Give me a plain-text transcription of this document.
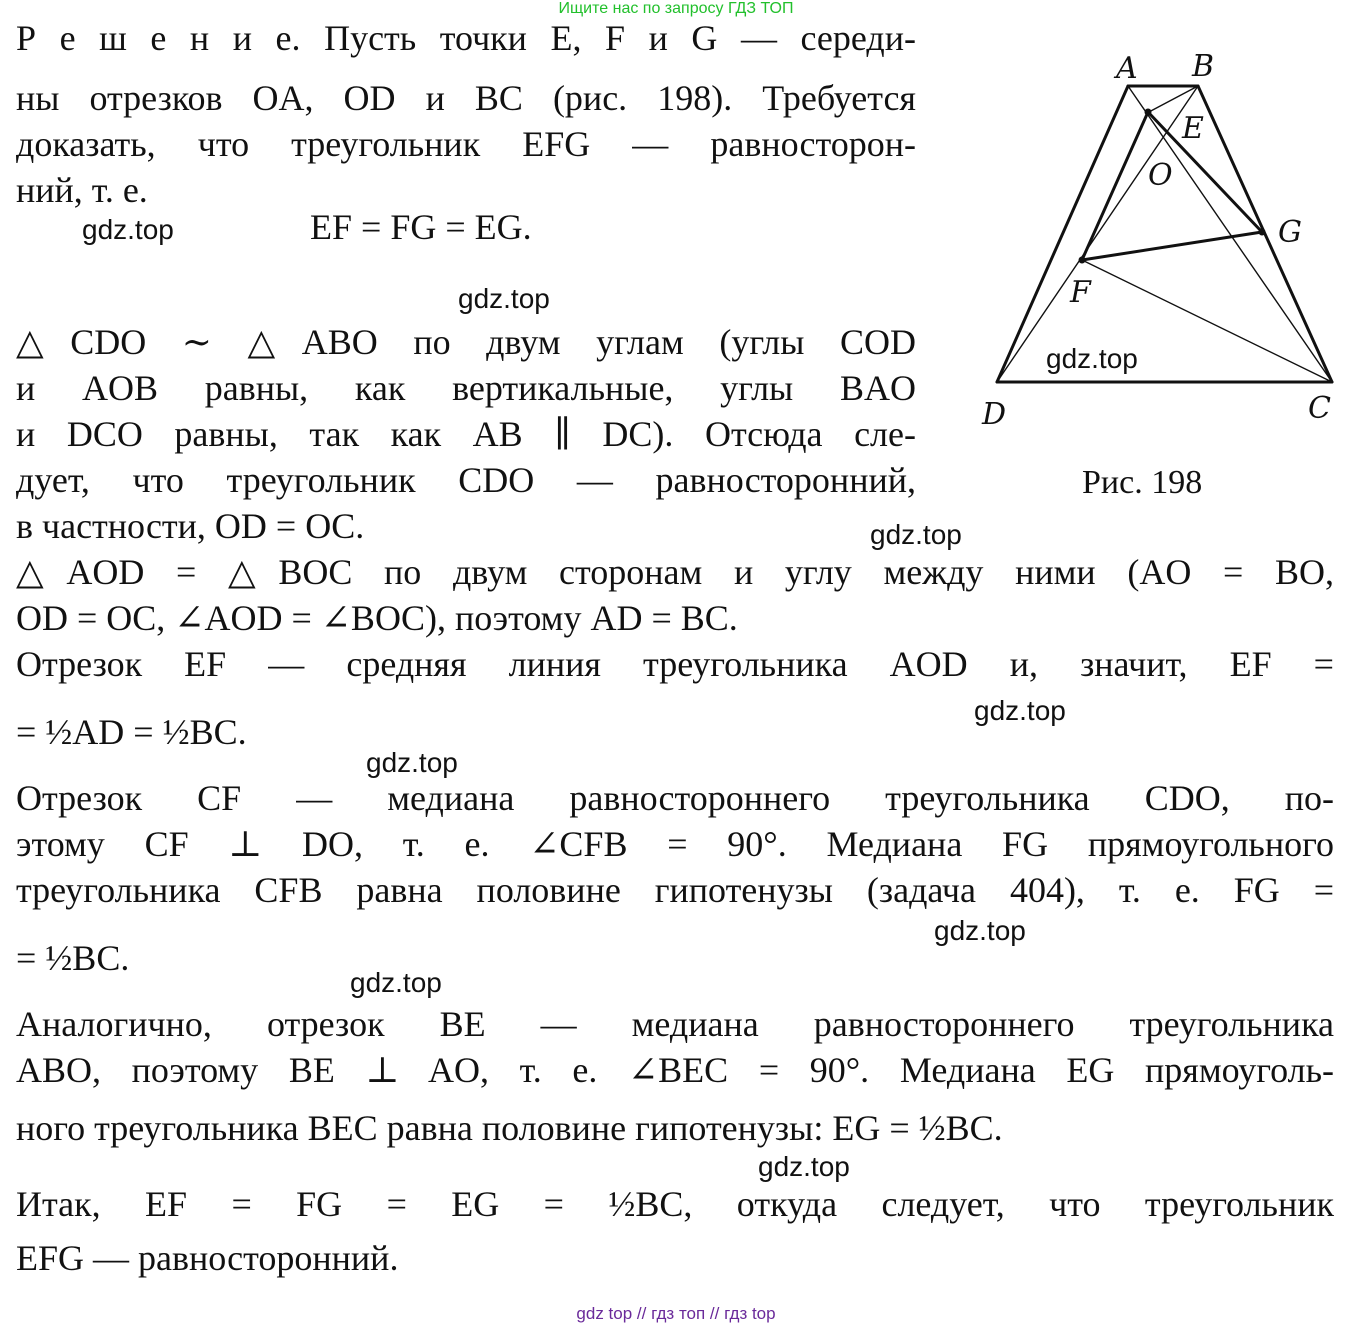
Ищите нас по запросу ГДЗ ТОП
Р е ш е н и е. Пусть точки E, F и G — середи-
ны отрезков OA, OD и BC (рис. 198). Требуется
доказать, что треугольник EFG — равносторон-
ний, т. е.
EF = FG = EG.
△CDO ∼ △ABO по двум углам (углы COD
и AOB равны, как вертикальные, углы BAO
и DCO равны, так как AB ∥ DC). Отсюда сле-
дует, что треугольник CDO — равносторонний,
в частности, OD = OC.
△AOD = △BOC по двум сторонам и углу между ними (AO = BO,
OD = OC, ∠AOD = ∠BOC), поэтому AD = BC.
Отрезок EF — средняя линия треугольника AOD и, значит, EF =
= ½AD = ½BC.
Отрезок CF — медиана равностороннего треугольника CDO, по-
этому CF ⊥ DO, т. е. ∠CFB = 90°. Медиана FG прямоугольного
треугольника CFB равна половине гипотенузы (задача 404), т. е. FG =
= ½BC.
Аналогично, отрезок BE — медиана равностороннего треугольника
ABO, поэтому BE ⊥ AO, т. е. ∠BEC = 90°. Медиана EG прямоуголь-
ного треугольника BEC равна половине гипотенузы: EG = ½BC.
Итак, EF = FG = EG = ½BC, откуда следует, что треугольник
EFG — равносторонний.
gdz.top
gdz.top
gdz.top
gdz.top
gdz.top
gdz.top
gdz.top
gdz.top
gdz.top
A B
E
O
G
F
D	C
Рис. 198
gdz top // гдз топ // гдз top
